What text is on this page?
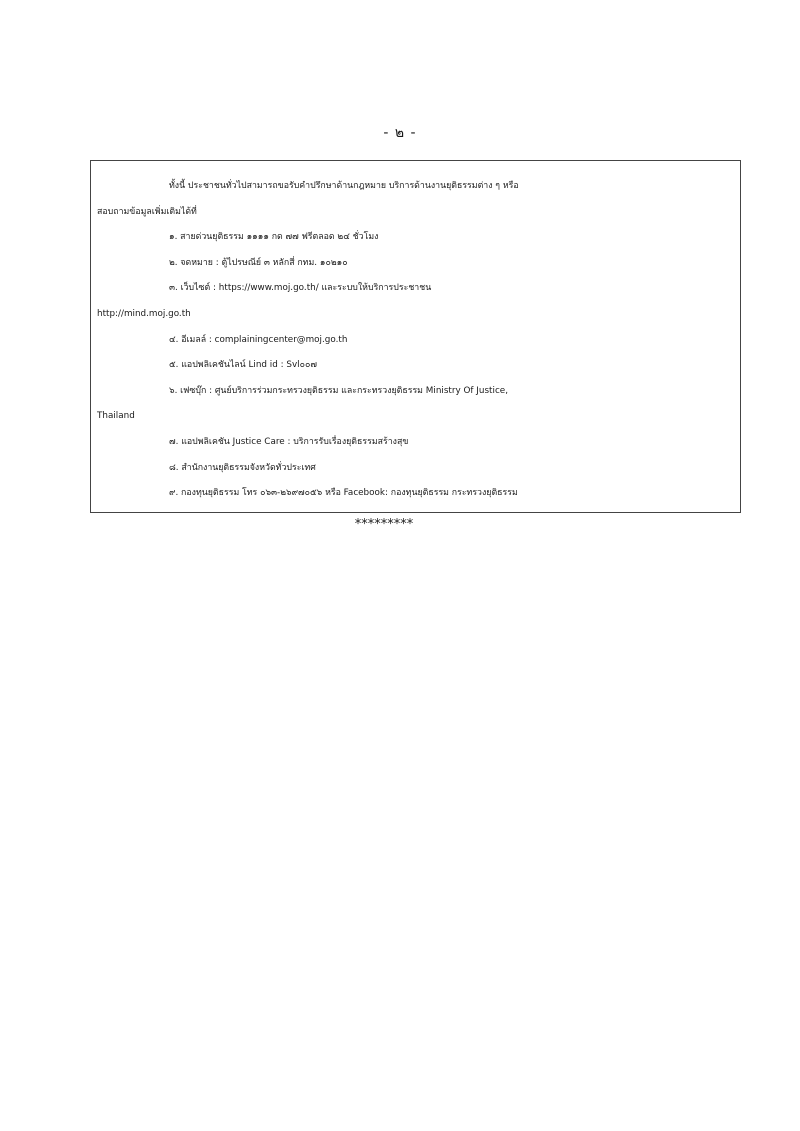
- ๒ -
ทั้งนี้ ประชาชนทั่วไปสามารถขอรับคำปรึกษาด้านกฎหมาย บริการด้านงานยุติธรรมต่าง ๆ หรือ
สอบถามข้อมูลเพิ่มเติมได้ที่
๑. สายด่วนยุติธรรม ๑๑๑๑ กด ๗๗ ฟรีตลอด ๒๔ ชั่วโมง
๒. จดหมาย : ตู้ไปรษณีย์ ๓ หลักสี่ กทม. ๑๐๒๑๐
๓. เว็บไซต์ : https://www.moj.go.th/ และระบบให้บริการประชาชน
http://mind.moj.go.th
๔. อีเมลล์ : complainingcenter@moj.go.th
๕. แอปพลิเคชันไลน์ Lind id : Svl๐๐๗
๖. เฟซบุ๊ก : ศูนย์บริการร่วมกระทรวงยุติธรรม และกระทรวงยุติธรรม Ministry Of Justice,
Thailand
๗. แอปพลิเคชัน Justice Care : บริการรับเรื่องยุติธรรมสร้างสุข
๘. สำนักงานยุติธรรมจังหวัดทั่วประเทศ
๙. กองทุนยุติธรรม โทร ๐๖๓-๒๖๙๗๐๕๖ หรือ Facebook: กองทุนยุติธรรม กระทรวงยุติธรรม
*********
